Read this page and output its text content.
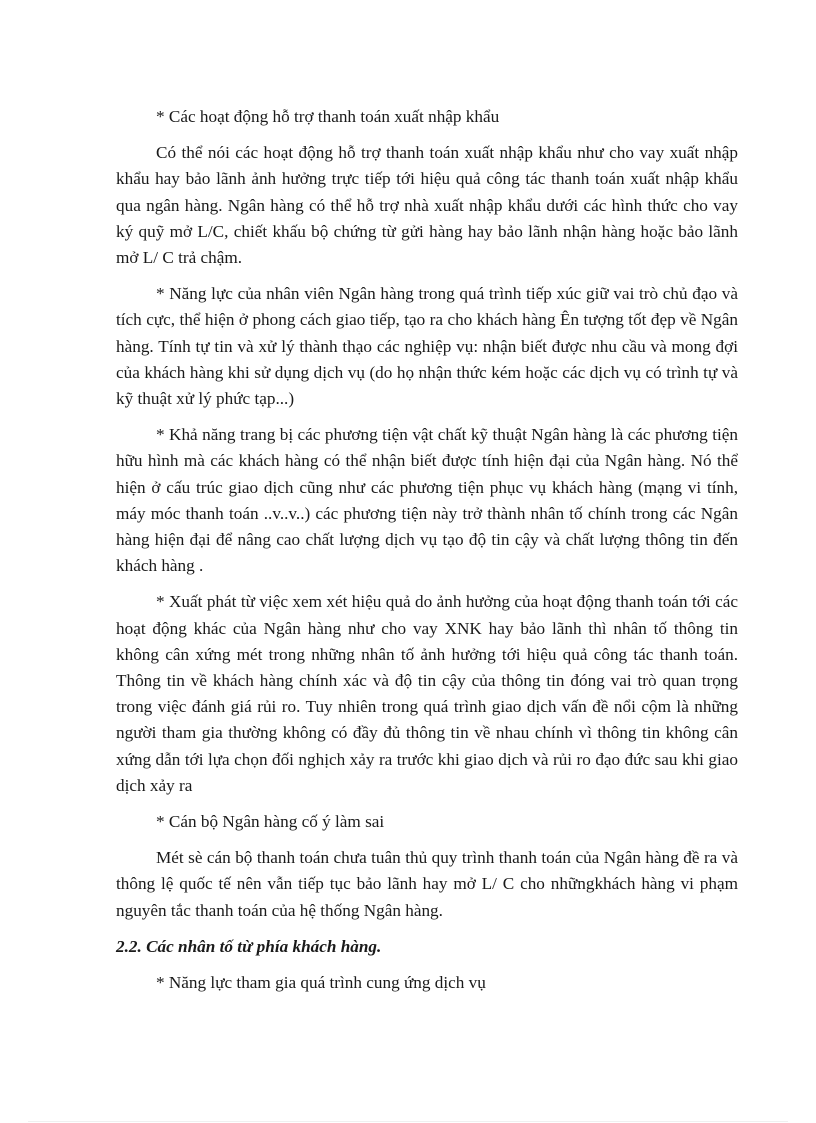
* Các hoạt động hỗ trợ thanh toán xuất nhập khẩu

Có thể nói các hoạt động hỗ trợ thanh toán xuất nhập khẩu như cho vay xuất nhập khẩu hay bảo lãnh ảnh hưởng trực tiếp tới hiệu quả công tác thanh toán xuất nhập khẩu qua ngân hàng. Ngân hàng có thể hỗ trợ nhà xuất nhập khẩu dưới các hình thức cho vay ký quỹ mở L/C, chiết khấu bộ chứng từ gửi hàng hay bảo lãnh nhận hàng hoặc bảo lãnh mở L/ C trả chậm.

* Năng lực của nhân viên Ngân hàng trong quá trình tiếp xúc giữ vai trò chủ đạo và tích cực, thể hiện ở phong cách giao tiếp, tạo ra cho khách hàng Ên tượng tốt đẹp về Ngân hàng. Tính tự tin và xử lý thành thạo các nghiệp vụ: nhận biết được nhu cầu và mong đợi của khách hàng khi sử dụng dịch vụ (do họ nhận thức kém hoặc các dịch vụ có trình tự và kỹ thuật xử lý phức tạp...)

* Khả năng trang bị các phương tiện vật chất kỹ thuật Ngân hàng là các phương tiện hữu hình mà các khách hàng có thể nhận biết được tính hiện đại của Ngân hàng. Nó thể hiện ở cấu trúc giao dịch cũng như các phương tiện phục vụ khách hàng (mạng vi tính, máy móc thanh toán ..v..v..) các phương tiện này trở thành nhân tố chính trong các Ngân hàng hiện đại để nâng cao chất lượng dịch vụ tạo độ tin cậy và chất lượng thông tin đến khách hàng .

* Xuất phát từ việc xem xét hiệu quả do ảnh hưởng của hoạt động thanh toán tới các hoạt động khác của Ngân hàng như cho vay XNK hay bảo lãnh thì nhân tố thông tin không cân xứng mét trong những nhân tố ảnh hưởng tới hiệu quả công tác thanh toán. Thông tin về khách hàng chính xác và độ tin cậy của thông tin đóng vai trò quan trọng trong việc đánh giá rủi ro. Tuy nhiên trong quá trình giao dịch vấn đề nổi cộm là những người tham gia thường không có đầy đủ thông tin về nhau chính vì thông tin không cân xứng dẫn tới lựa chọn đối nghịch xảy ra trước khi giao dịch và rủi ro đạo đức sau khi giao dịch xảy ra

* Cán bộ Ngân hàng cố ý làm sai

Mét sè cán bộ thanh toán chưa tuân thủ quy trình thanh toán của Ngân hàng đề ra và thông lệ quốc tế nên vẫn tiếp tục bảo lãnh hay mở L/ C cho nhữngkhách hàng vi phạm nguyên tắc thanh toán của hệ thống Ngân hàng.

2.2. Các nhân tố từ phía khách hàng.

* Năng lực tham gia quá trình cung ứng dịch vụ
